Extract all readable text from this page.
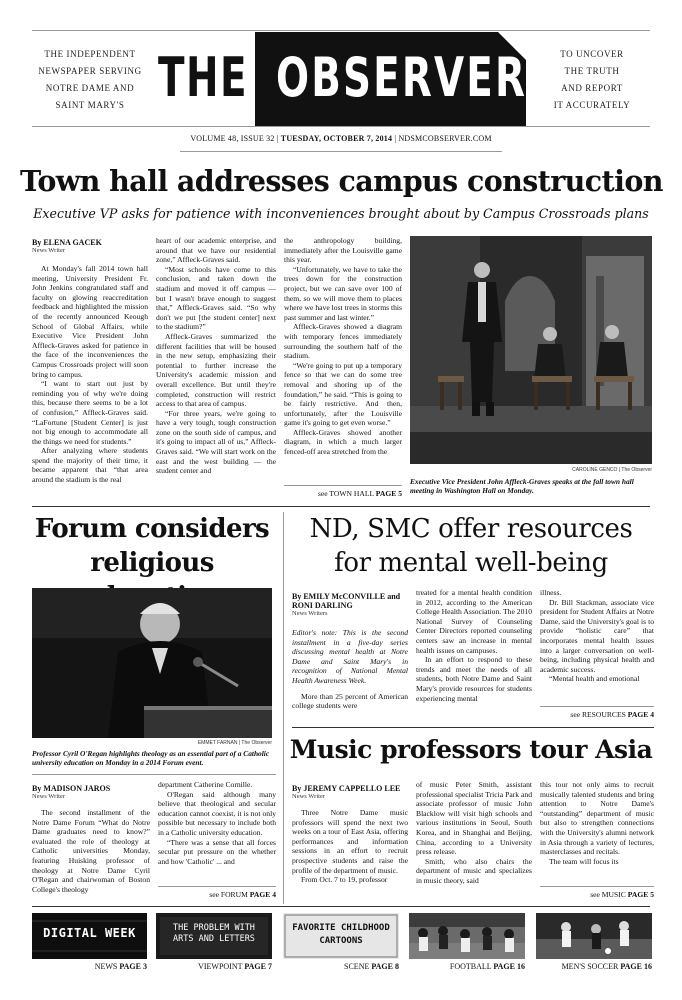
THE INDEPENDENT
NEWSPAPER SERVING
NOTRE DAME AND
SAINT MARY'S THE OBSERVER	TO UNCOVER
THE TRUTH
AND REPORT
IT ACCURATELY
VOLUME 48, ISSUE 32 | TUESDAY, OCTOBER 7, 2014 | NDSMCOBSERVER.COM
Town hall addresses campus construction
Executive VP asks for patience with inconveniences brought about by Campus Crossroads plans
By ELENA GACEK
News Writer

At Monday's fall 2014 town hall meeting, University President Fr. John Jenkins congratulated staff and faculty on glowing reaccreditation feedback and highlighted the mission of the recently announced Keough School of Global Affairs, while Executive Vice President John Affleck-Graves asked for patience in the face of the inconveniences the Campus Crossroads project will soon bring to campus.

“I want to start out just by reminding you of why we're doing this, because there seems to be a lot of confusion,” Affleck-Graves said. “LaFortune [Student Center] is just not big enough to accommodate all the things we need for students.”

After analyzing where students spend the majority of their time, it became apparent that “that area around the stadium is the real

heart of our academic enterprise, and around that we have our residential zone,” Affleck-Graves said.

“Most schools have come to this conclusion, and taken down the stadium and moved it off campus — but I wasn't brave enough to suggest that,” Affleck-Graves said. “So why don't we put [the student center] next to the stadium?”

Affleck-Graves summarized the different facilities that will be housed in the new setup, emphasizing their potential to further increase the University's academic mission and overall excellence. But until they're completed, construction will restrict access to that area of campus.

“For three years, we're going to have a very tough, tough construction zone on the south side of campus, and it's going to impact all of us,” Affleck-Graves said. “We will start work on the east and the west building — the student center and

the anthropology building, immediately after the Louisville game this year.

“Unfortunately, we have to take the trees down for the construction project, but we can save over 100 of them, so we will move them to places where we have lost trees in storms this past summer and last winter.”

Affleck-Graves showed a diagram with temporary fences immediately surrounding the southern half of the stadium.

“We're going to put up a temporary fence so that we can do some tree removal and shoring up of the foundation,” he said. “This is going to be fairly restrictive. And then, unfortunately, after the Louisville game it's going to get even worse.”

Affleck-Graves showed another diagram, in which a much larger fenced-off area stretched from the

see TOWN HALL PAGE 5
CAROLINE GENCO | The Observer
Executive Vice President John Affleck-Graves speaks at the fall town hall meeting in Washington Hall on Monday.
Forum considers
religious
EMMET FARNAN | The Observer
Professor Cyril O'Regan highlights theology as an essential part of a Catholic university education on Monday in a 2014 Forum event.
By MADISON JAROS
News Writer

The second installment of the Notre Dame Forum “What do Notre Dame graduates need to know?” evaluated the role of theology at Catholic universities Monday, featuring Huisking professor of theology at Notre Dame Cyril O'Regan and chairwoman of Boston College's theology

department Catherine Cornille.

O'Regan said although many believe that theological and secular education cannot coexist, it is not only possible but necessary to include both in a Catholic university education.

“There was a sense that all forces secular put pressure on the whether and how 'Catholic' ... and

see FORUM PAGE 4
ND, SMC offer resources
for mental well-being
By EMILY McCONVILLE and
RONI DARLING
News Writers

Editor's note: This is the second installment in a five-day series discussing mental health at Notre Dame and Saint Mary's in recognition of National Mental Health Awareness Week.

More than 25 percent of American college students were

treated for a mental health condition in 2012, according to the American College Health Association. The 2010 National Survey of Counseling Center Directors reported counseling centers saw an increase in mental health issues on campuses.

In an effort to respond to these trends and meet the needs of all students, both Notre Dame and Saint Mary's provide resources for students experiencing mental

illness.

Dr. Bill Stackman, associate vice president for Student Affairs at Notre Dame, said the University's goal is to provide “holistic care” that incorporates mental health issues into a larger conversation on well-being, including physical health and academic success.

“Mental health and emotional

see RESOURCES PAGE 4
Music professors tour Asia
By JEREMY CAPPELLO LEE
News Writer

Three Notre Dame music professors will spend the next two weeks on a tour of East Asia, offering performances and information sessions in an effort to recruit prospective students and raise the profile of the department of music.

From Oct. 7 to 19, professor

of music Peter Smith, assistant professional specialist Tricia Park and associate professor of music John Blacklow will visit high schools and various institutions in Seoul, South Korea, and in Shanghai and Beijing, China, according to a University press release.

Smith, who also chairs the department of music and specializes in music theory, said

this tour not only aims to recruit musically talented students and bring attention to Notre Dame's “outstanding” department of music but also to strengthen connections with the University's alumni network in Asia through a variety of lectures, masterclasses and recitals.

The team will focus its

see MUSIC PAGE 5
DIGITAL WEEK
NEWS PAGE 3
THE PROBLEM WITH ARTS AND LETTERS
VIEWPOINT PAGE 7
FAVORITE CHILDHOOD CARTOONS
SCENE PAGE 8	FOOTBALL PAGE 16	MEN'S SOCCER PAGE 16
